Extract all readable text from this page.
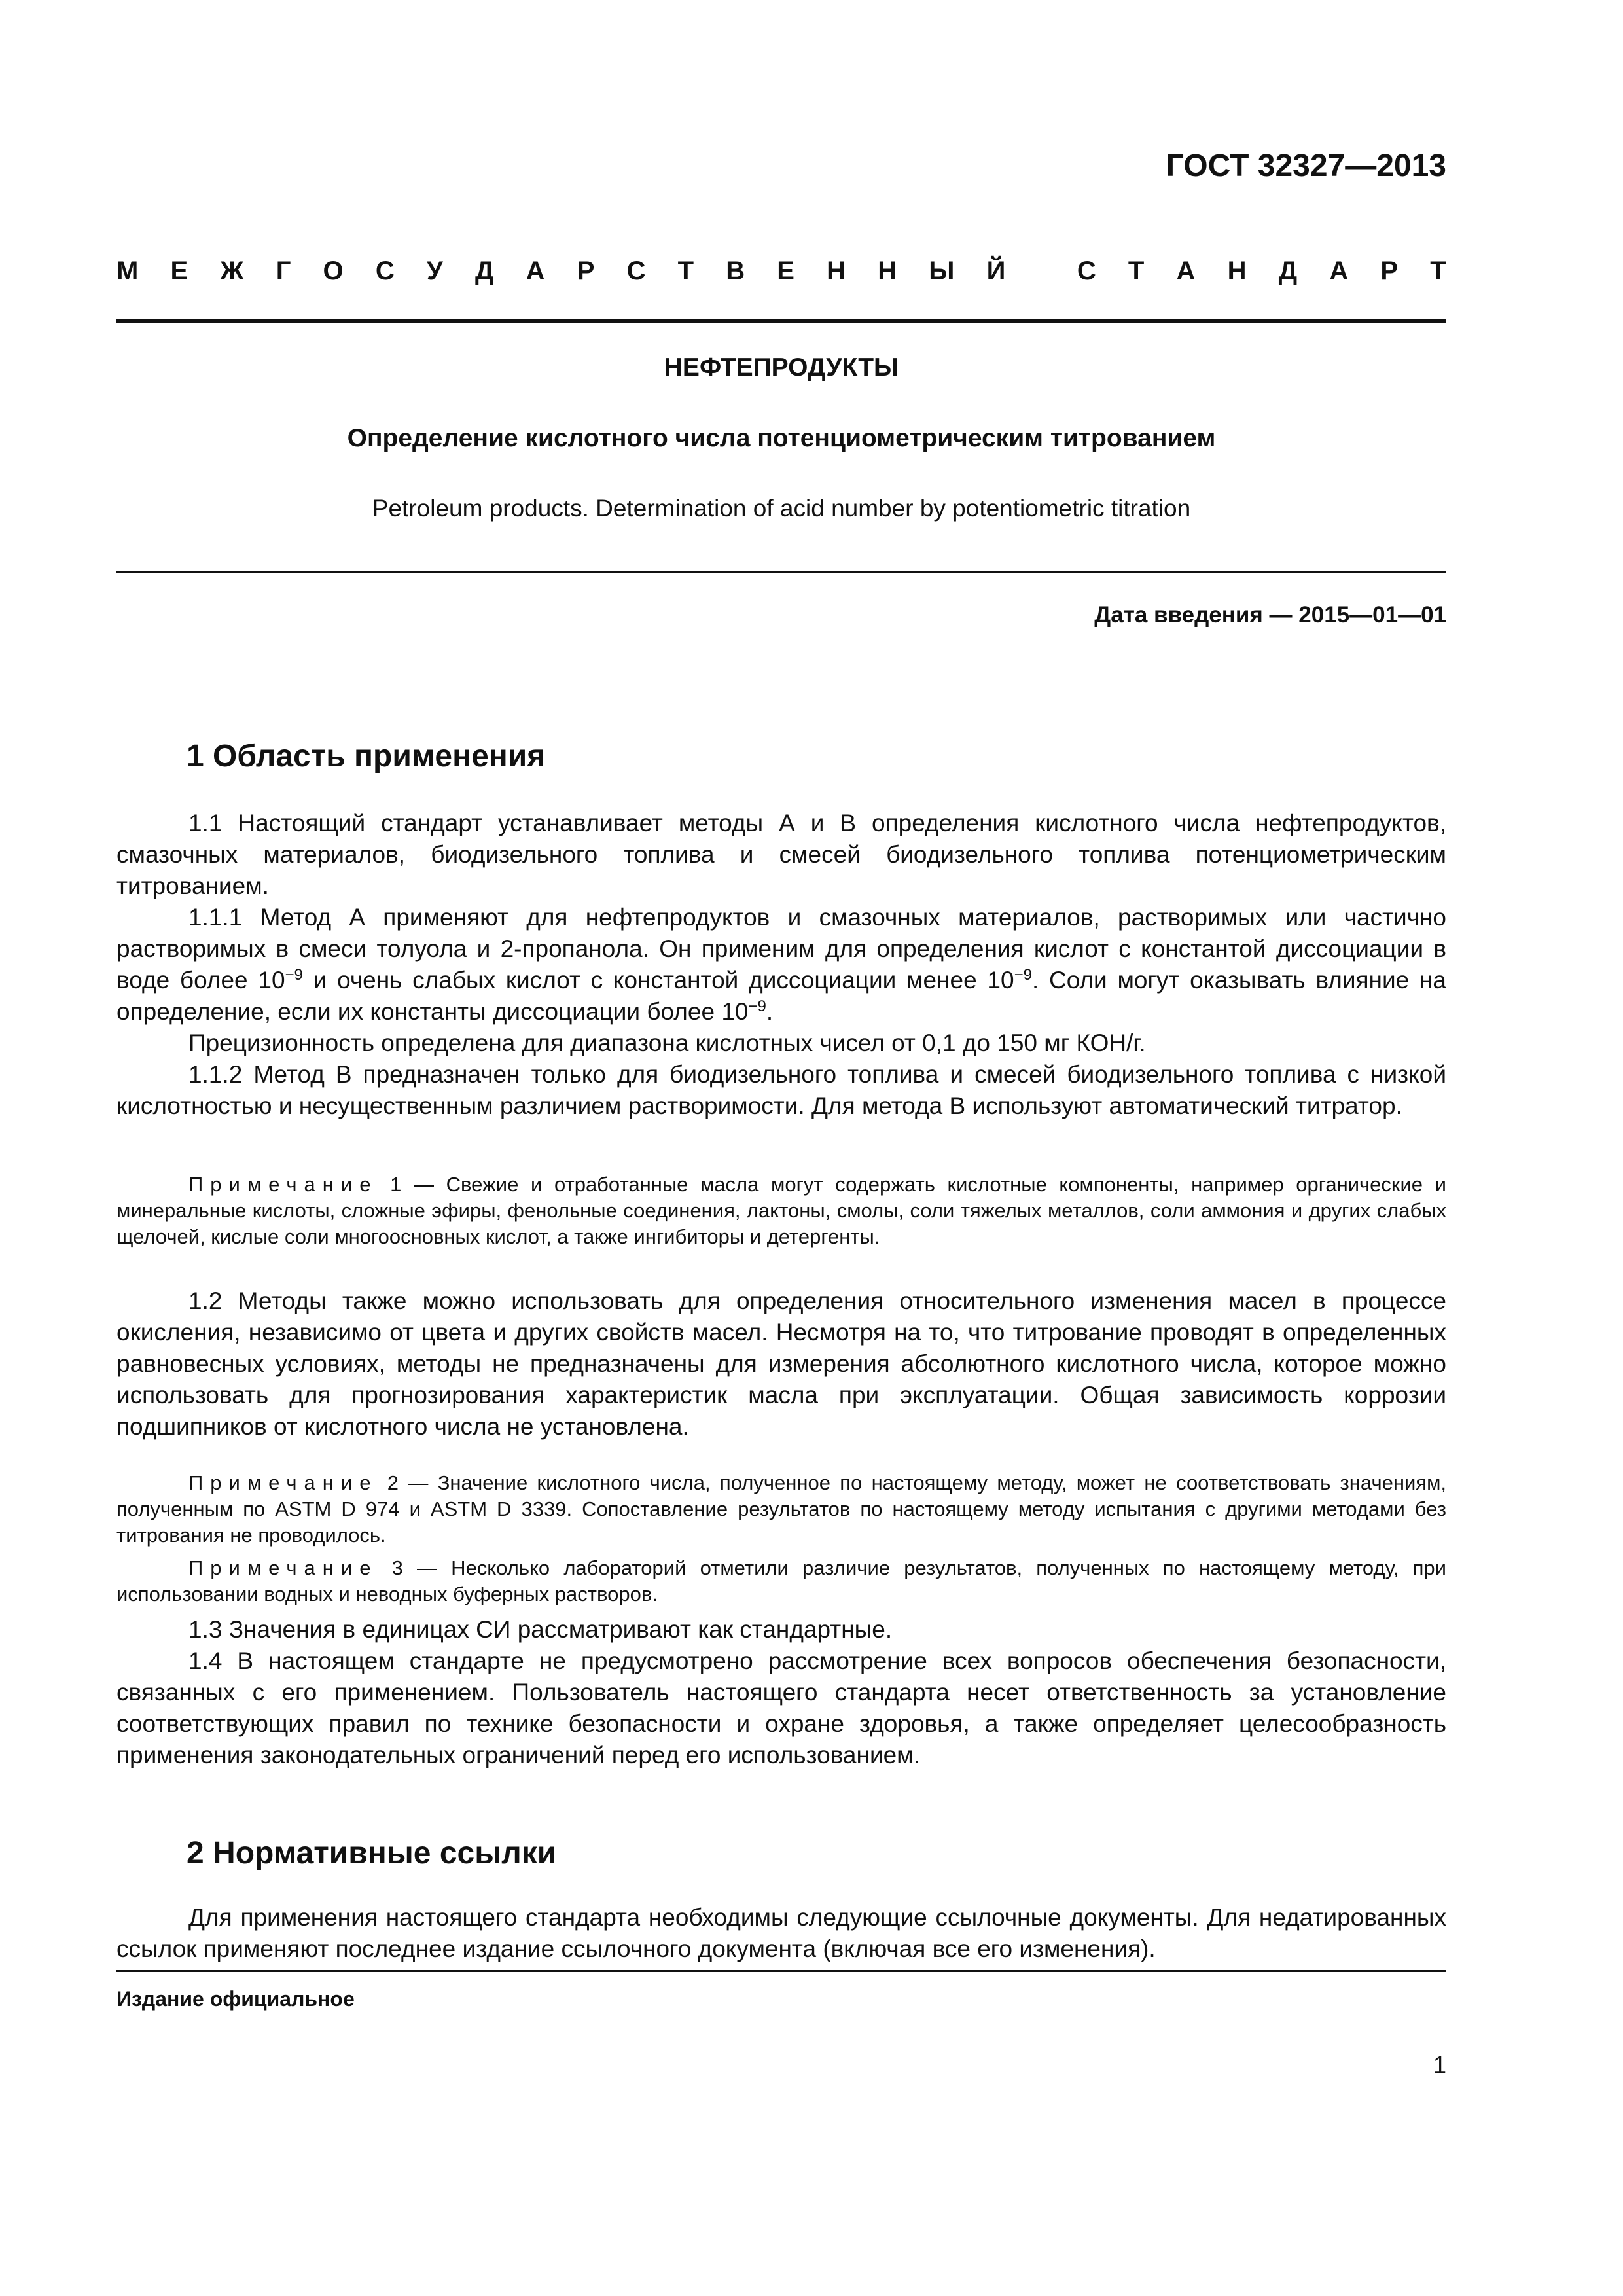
ГОСТ 32327—2013
М Е Ж Г О С У Д А Р С Т В Е Н Н Ы Й
	С Т А Н Д А Р Т
НЕФТЕПРОДУКТЫ
Определение кислотного числа потенциометрическим титрованием
Petroleum products. Determination of acid number by potentiometric titration
Дата введения — 2015—01—01
1 Область применения

1.1 Настоящий стандарт устанавливает методы А и В определения кислотного числа нефтепродуктов, смазочных материалов, биодизельного топлива и смесей биодизельного топлива потенциометрическим титрованием.

1.1.1 Метод А применяют для нефтепродуктов и смазочных материалов, растворимых или частично растворимых в смеси толуола и 2-пропанола. Он применим для определения кислот с константой диссоциации в воде более $10^{-9}$ и очень слабых кислот с константой диссоциации менее $10^{-9}$. Соли могут оказывать влияние на определение, если их константы диссоциации более $10^{-9}$.

Прецизионность определена для диапазона кислотных чисел от 0,1 до 150 мг КОН/г.

1.1.2 Метод В предназначен только для биодизельного топлива и смесей биодизельного топлива с низкой кислотностью и несущественным различием растворимости. Для метода В используют автоматический титратор.

Примечание 1 — Свежие и отработанные масла могут содержать кислотные компоненты, например органические и минеральные кислоты, сложные эфиры, фенольные соединения, лактоны, смолы, соли тяжелых металлов, соли аммония и других слабых щелочей, кислые соли многоосновных кислот, а также ингибиторы и детергенты.

1.2 Методы также можно использовать для определения относительного изменения масел в процессе окисления, независимо от цвета и других свойств масел. Несмотря на то, что титрование проводят в определенных равновесных условиях, методы не предназначены для измерения абсолютного кислотного числа, которое можно использовать для прогнозирования характеристик масла при эксплуатации. Общая зависимость коррозии подшипников от кислотного числа не установлена.

Примечание 2 — Значение кислотного числа, полученное по настоящему методу, может не соответствовать значениям, полученным по ASTM D 974 и ASTM D 3339. Сопоставление результатов по настоящему методу испытания с другими методами без титрования не проводилось.

Примечание 3 — Несколько лабораторий отметили различие результатов, полученных по настоящему методу, при использовании водных и неводных буферных растворов.

1.3 Значения в единицах СИ рассматривают как стандартные.

1.4 В настоящем стандарте не предусмотрено рассмотрение всех вопросов обеспечения безопасности, связанных с его применением. Пользователь настоящего стандарта несет ответственность за установление соответствующих правил по технике безопасности и охране здоровья, а также определяет целесообразность применения законодательных ограничений перед его использованием.

2 Нормативные ссылки

Для применения настоящего стандарта необходимы следующие ссылочные документы. Для недатированных ссылок применяют последнее издание ссылочного документа (включая все его изменения).

Издание официальное
1
